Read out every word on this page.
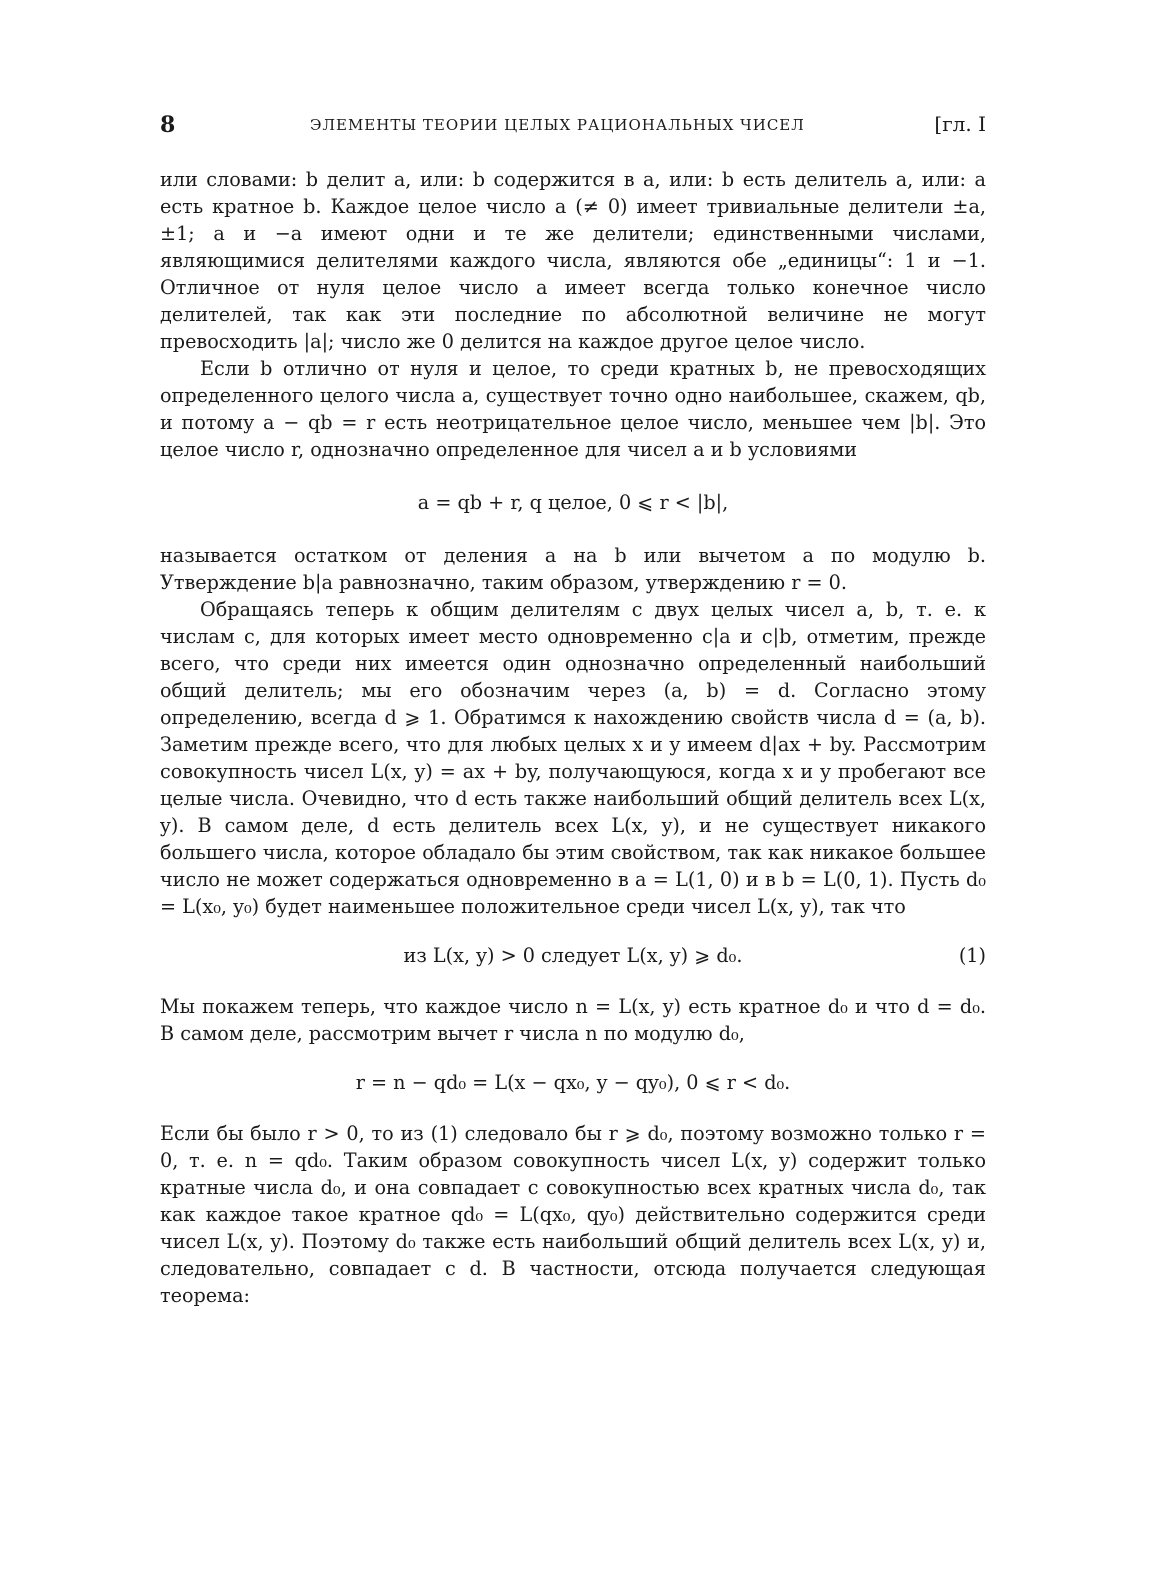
8	ЭЛЕМЕНТЫ ТЕОРИИ ЦЕЛЫХ РАЦИОНАЛЬНЫХ ЧИСЕЛ	[гл. I

или словами: b делит a, или: b содержится в a, или: b есть делитель a, или: a есть кратное b. Каждое целое число a (≠ 0) имеет тривиальные делители ±a, ±1; a и −a имеют одни и те же делители; единственными числами, являющимися делителями каждого числа, являются обе „единицы“: 1 и −1. Отличное от нуля целое число a имеет всегда только конечное число делителей, так как эти последние по абсолютной величине не могут превосходить |a|; число же 0 делится на каждое другое целое число.

Если b отлично от нуля и целое, то среди кратных b, не превосходящих определенного целого числа a, существует точно одно наибольшее, скажем, qb, и потому a − qb = r есть неотрицательное целое число, меньшее чем |b|. Это целое число r, однозначно определенное для чисел a и b условиями

a = qb + r, q целое, 0 ⩽ r < |b|,

называется остатком от деления a на b или вычетом a по модулю b. Утверждение b|a равнозначно, таким образом, утверждению r = 0.

Обращаясь теперь к общим делителям c двух целых чисел a, b, т. е. к числам c, для которых имеет место одновременно c|a и c|b, отметим, прежде всего, что среди них имеется один однозначно определенный наибольший общий делитель; мы его обозначим через (a, b) = d. Согласно этому определению, всегда d ⩾ 1. Обратимся к нахождению свойств числа d = (a, b). Заметим прежде всего, что для любых целых x и y имеем d|ax + by. Рассмотрим совокупность чисел L(x, y) = ax + by, получающуюся, когда x и y пробегают все целые числа. Очевидно, что d есть также наибольший общий делитель всех L(x, y). В самом деле, d есть делитель всех L(x, y), и не существует никакого большего числа, которое обладало бы этим свойством, так как никакое большее число не может содержаться одновременно в a = L(1, 0) и в b = L(0, 1). Пусть d₀ = L(x₀, y₀) будет наименьшее положительное среди чисел L(x, y), так что

из L(x, y) > 0 следует L(x, y) ⩾ d₀.	(1)

Мы покажем теперь, что каждое число n = L(x, y) есть кратное d₀ и что d = d₀. В самом деле, рассмотрим вычет r числа n по модулю d₀,

r = n − qd₀ = L(x − qx₀, y − qy₀), 0 ⩽ r < d₀.

Если бы было r > 0, то из (1) следовало бы r ⩾ d₀, поэтому возможно только r = 0, т. е. n = qd₀. Таким образом совокупность чисел L(x, y) содержит только кратные числа d₀, и она совпадает с совокупностью всех кратных числа d₀, так как каждое такое кратное qd₀ = L(qx₀, qy₀) действительно содержится среди чисел L(x, y). Поэтому d₀ также есть наибольший общий делитель всех L(x, y) и, следовательно, совпадает с d. В частности, отсюда получается следующая теорема:
